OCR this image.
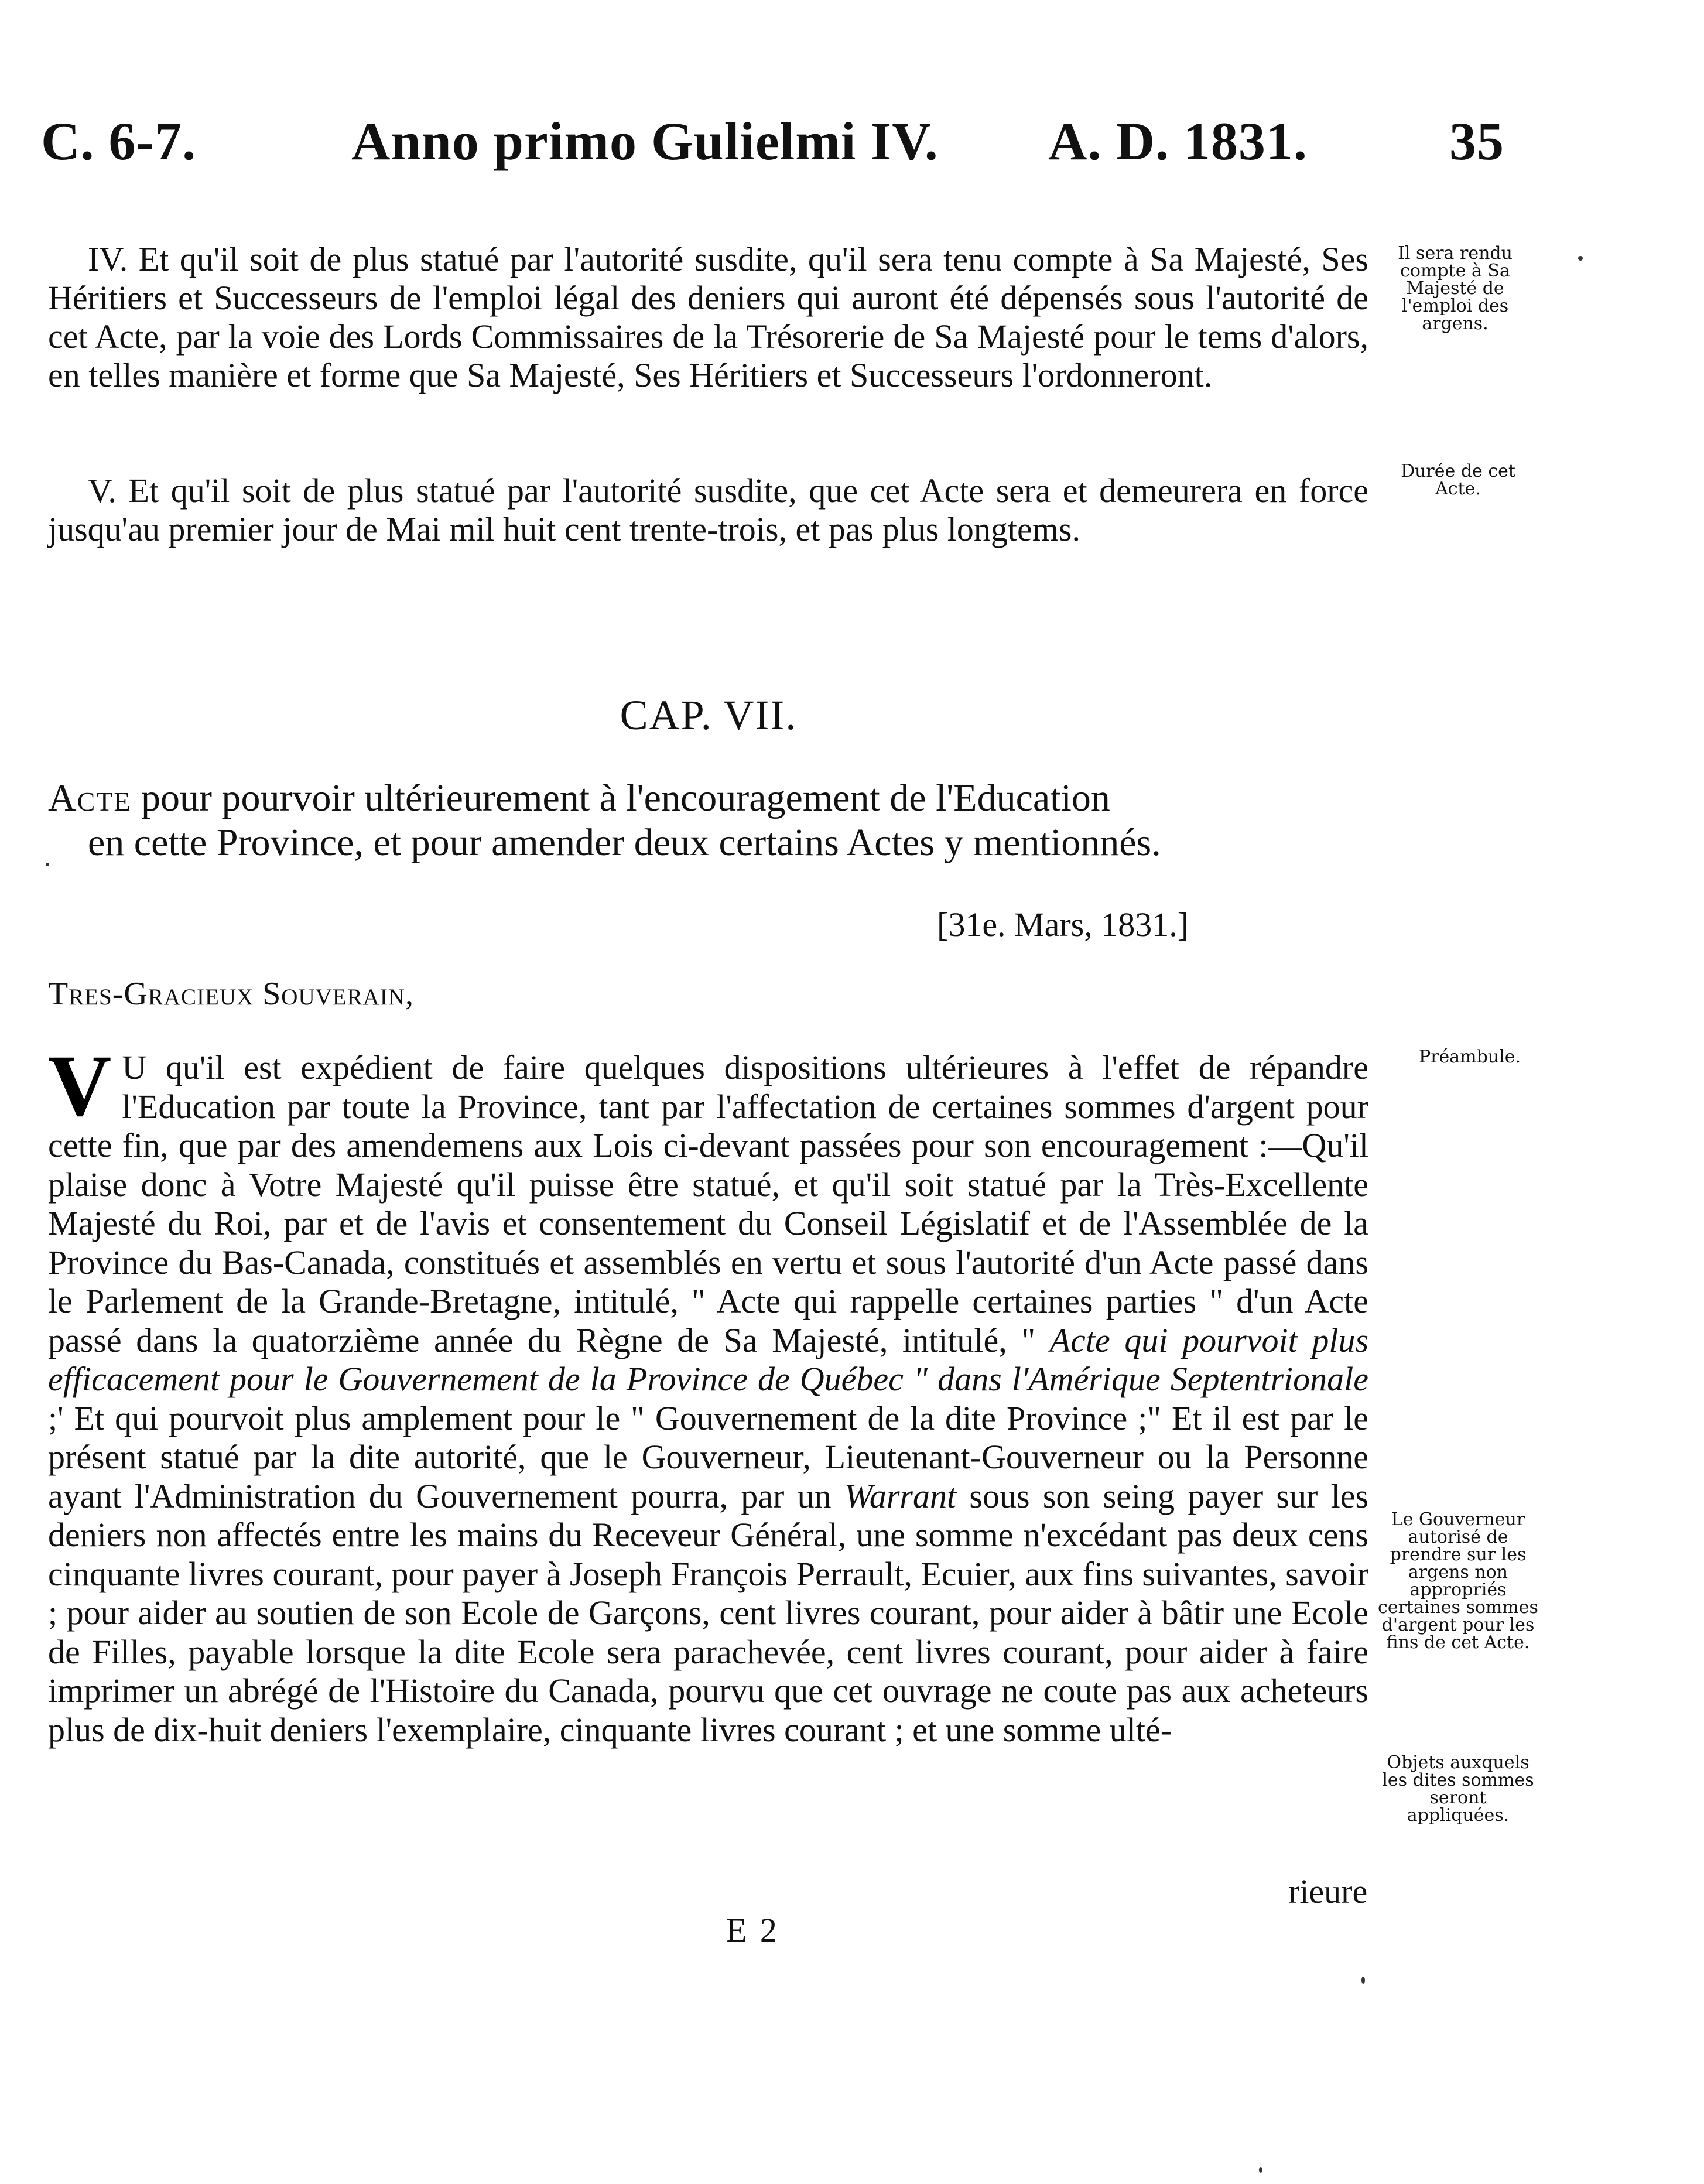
C. 6-7.	Anno primo Gulielmi IV. A. D. 1831.	35

IV. Et qu'il soit de plus statué par l'autorité susdite, qu'il sera tenu compte à Sa Majesté, Ses Héritiers et Successeurs de l'emploi légal des deniers qui auront été dépensés sous l'autorité de cet Acte, par la voie des Lords Commissaires de la Trésorerie de Sa Majesté pour le tems d'alors, en telles manière et forme que Sa Majesté, Ses Héritiers et Successeurs l'ordonneront.

V. Et qu'il soit de plus statué par l'autorité susdite, que cet Acte sera et demeurera en force jusqu'au premier jour de Mai mil huit cent trente-trois, et pas plus longtems.

CAP. VII.
Acte pour pourvoir ultérieurement à l'encouragement de l'Education
en cette Province, et pour amender deux certains Actes y mentionnés.
[31e. Mars, 1831.]
Tres-Gracieux Souverain,
V U qu'il est expédient de faire quelques dispositions ultérieures à l'effet de répandre l'Education par toute la Province, tant par l'affectation de certaines sommes d'argent pour cette fin, que par des amendemens aux Lois ci-devant passées pour son encouragement :—Qu'il plaise donc à Votre Majesté qu'il puisse être statué, et qu'il soit statué par la Très-Excellente Majesté du Roi, par et de l'avis et consentement du Conseil Législatif et de l'Assemblée de la Province du Bas-Canada, constitués et assemblés en vertu et sous l'autorité d'un Acte passé dans le Parlement de la Grande-Bretagne, intitulé, " Acte qui rappelle certaines parties " d'un Acte passé dans la quatorzième année du Règne de Sa Majesté, intitulé, " Acte qui pourvoit plus efficacement pour le Gouvernement de la Province de Québec " dans l'Amérique Septentrionale ;' Et qui pourvoit plus amplement pour le " Gouvernement de la dite Province ;" Et il est par le présent statué par la dite autorité, que le Gouverneur, Lieutenant-Gouverneur ou la Personne ayant l'Administration du Gouvernement pourra, par un Warrant sous son seing payer sur les deniers non affectés entre les mains du Receveur Général, une somme n'excédant pas deux cens cinquante livres courant, pour payer à Joseph François Perrault, Ecuier, aux fins suivantes, savoir ; pour aider au soutien de son Ecole de Garçons, cent livres courant, pour aider à bâtir une Ecole de Filles, payable lorsque la dite Ecole sera parachevée, cent livres courant, pour aider à faire imprimer un abrégé de l'Histoire du Canada, pourvu que cet ouvrage ne coute pas aux acheteurs plus de dix-huit deniers l'exemplaire, cinquante livres courant ; et une somme ulté-
rieure
E 2
Il sera rendu compte à Sa Majesté de l'emploi des argens.
Durée de cet Acte.
Préambule.
Le Gouverneur autorisé de prendre sur les argens non appropriés certaines sommes d'argent pour les fins de cet Acte.
Objets auxquels les dites sommes seront appliquées.
